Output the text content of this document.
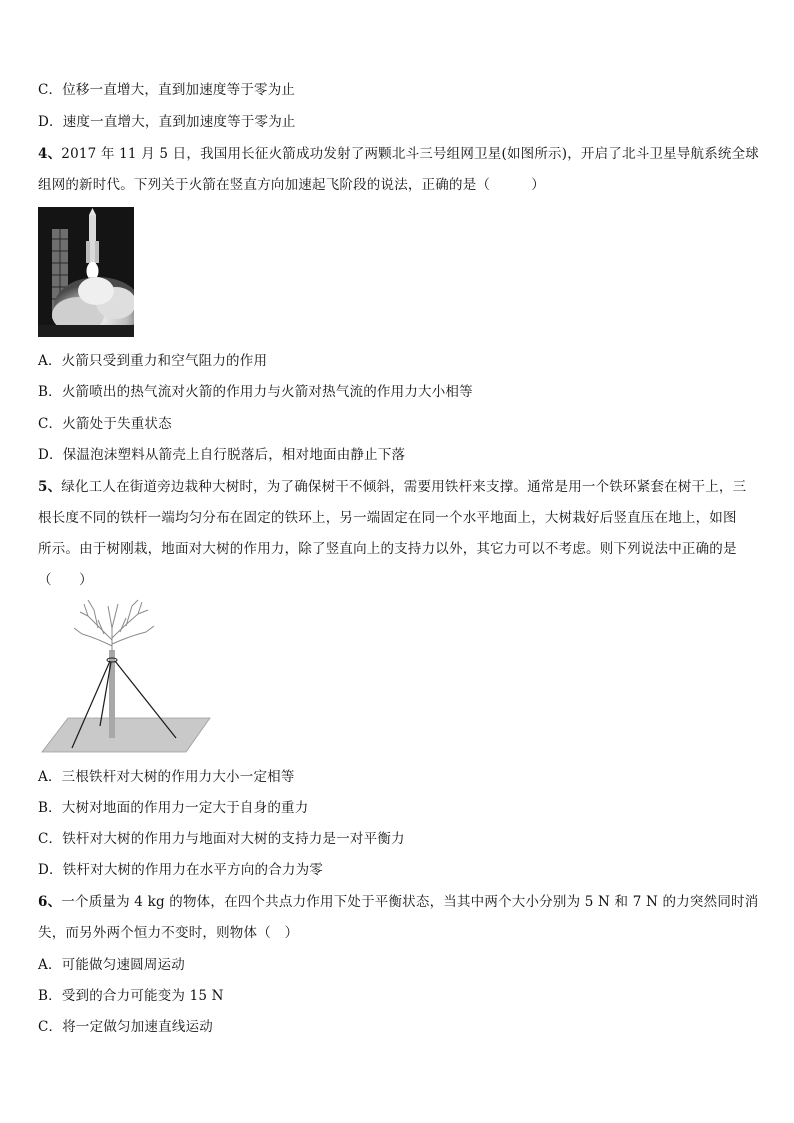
C．位移一直增大，直到加速度等于零为止
D．速度一直增大，直到加速度等于零为止
4、2017 年 11 月 5 日，我国用长征火箭成功发射了两颗北斗三号组网卫星(如图所示)，开启了北斗卫星导航系统全球
组网的新时代。下列关于火箭在竖直方向加速起飞阶段的说法，正确的是（　　　）
A．火箭只受到重力和空气阻力的作用
B．火箭喷出的热气流对火箭的作用力与火箭对热气流的作用力大小相等
C．火箭处于失重状态
D．保温泡沫塑料从箭壳上自行脱落后，相对地面由静止下落
5、绿化工人在街道旁边栽种大树时，为了确保树干不倾斜，需要用铁杆来支撑。通常是用一个铁环紧套在树干上，三
根长度不同的铁杆一端均匀分布在固定的铁环上，另一端固定在同一个水平地面上，大树栽好后竖直压在地上，如图
所示。由于树刚栽，地面对大树的作用力，除了竖直向上的支持力以外，其它力可以不考虑。则下列说法中正确的是
（　　）
A．三根铁杆对大树的作用力大小一定相等
B．大树对地面的作用力一定大于自身的重力
C．铁杆对大树的作用力与地面对大树的支持力是一对平衡力
D．铁杆对大树的作用力在水平方向的合力为零
6、一个质量为 4 kg 的物体，在四个共点力作用下处于平衡状态，当其中两个大小分别为 5 N 和 7 N 的力突然同时消
失，而另外两个恒力不变时，则物体（　）
A．可能做匀速圆周运动
B．受到的合力可能变为 15 N
C．将一定做匀加速直线运动
